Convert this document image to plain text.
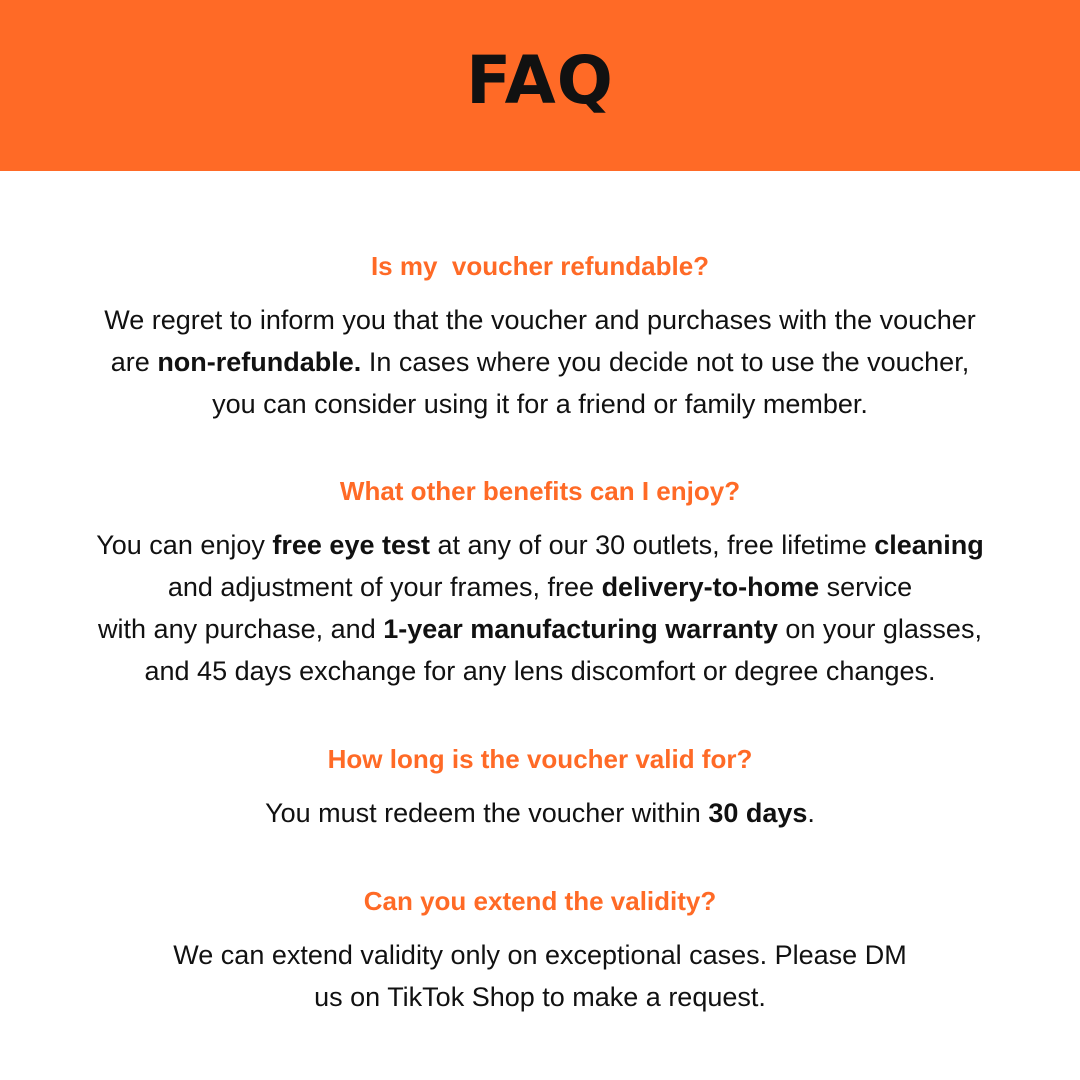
FAQ
Is my  voucher refundable?
We regret to inform you that the voucher and purchases with the voucher
are non-refundable. In cases where you decide not to use the voucher,
you can consider using it for a friend or family member.
What other benefits can I enjoy?
You can enjoy free eye test at any of our 30 outlets, free lifetime cleaning
and adjustment of your frames, free delivery-to-home service
with any purchase, and 1-year manufacturing warranty on your glasses,
and 45 days exchange for any lens discomfort or degree changes.
How long is the voucher valid for?
You must redeem the voucher within 30 days.
Can you extend the validity?
We can extend validity only on exceptional cases. Please DM
us on TikTok Shop to make a request.
